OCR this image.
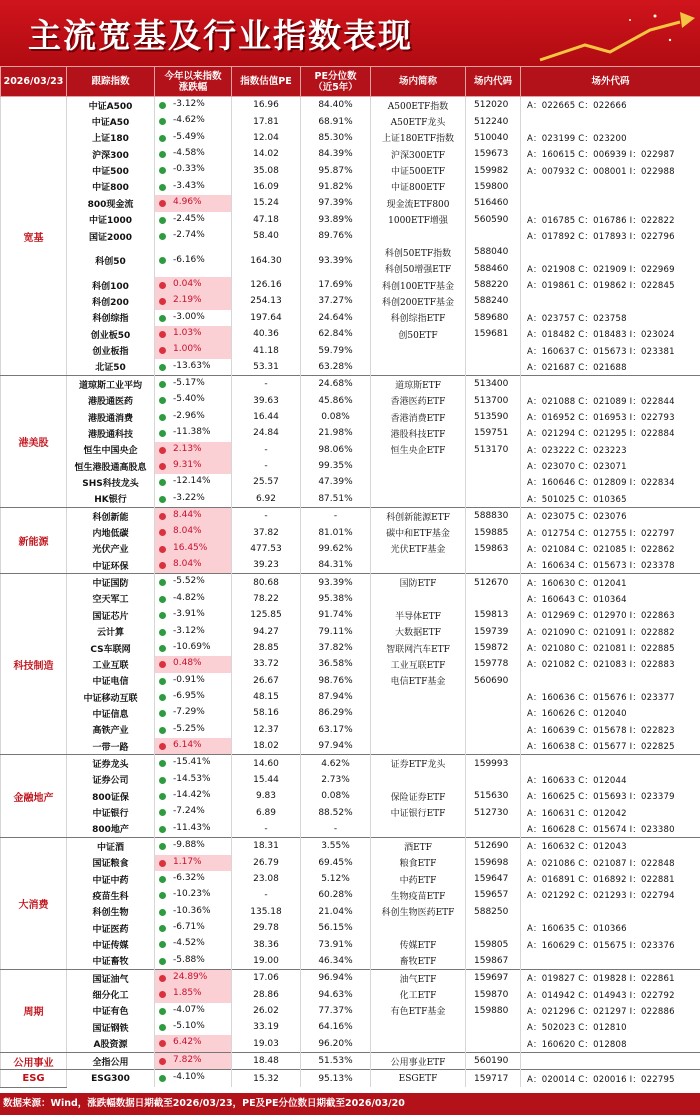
主流宽基及行业指数表现
2026/03/23	跟踪指数	今年以来指数涨跌幅	指数估值PE	PE分位数（近5年）	场内简称	场内代码	场外代码
宽基	中证A500	-3.12%	16.96	84.40%	A500ETF指数	512020	A：022665 C：022666
	中证A50	-4.62%	17.81	68.91%	A50ETF龙头	512240	
	上证180	-5.49%	12.04	85.30%	上证180ETF指数	510040	A：023199 C：023200
	沪深300	-4.58%	14.02	84.39%	沪深300ETF	159673	A：160615 C：006939 I：022987
	中证500	-0.33%	35.08	95.87%	中证500ETF	159982	A：007932 C：008001 I：022988
	中证800	-3.43%	16.09	91.82%	中证800ETF	159800	
	800现金流	4.96%	15.24	97.39%	现金流ETF800	516460	
	中证1000	-2.45%	47.18	93.89%	1000ETF增强	560590	A：016785 C：016786 I：022822
	国证2000	-2.74%	58.40	89.76%			A：017892 C：017893 I：022796
	科创50	-6.16%	164.30	93.39%	科创50ETF指数	588040	
					科创50增强ETF	588460	A：021908 C：021909 I：022969
	科创100	0.04%	126.16	17.69%	科创100ETF基金	588220	A：019861 C：019862 I：022845
	科创200	2.19%	254.13	37.27%	科创200ETF基金	588240	
	科创综指	-3.00%	197.64	24.64%	科创综指ETF	589680	A：023757 C：023758
	创业板50	1.03%	40.36	62.84%	创50ETF	159681	A：018482 C：018483 I：023024
	创业板指	1.00%	41.18	59.79%			A：160637 C：015673 I：023381
	北证50	-13.63%	53.31	63.28%			A：021687 C：021688
港美股	道琼斯工业平均	-5.17%	-	24.68%	道琼斯ETF	513400	
	港股通医药	-5.40%	39.63	45.86%	香港医药ETF	513700	A：021088 C：021089 I：022844
	港股通消费	-2.96%	16.44	0.08%	香港消费ETF	513590	A：016952 C：016953 I：022793
	港股通科技	-11.38%	24.84	21.98%	港股科技ETF	159751	A：021294 C：021295 I：022884
	恒生中国央企	2.13%	-	98.06%	恒生央企ETF	513170	A：023222 C：023223
	恒生港股通高股息	9.31%	-	99.35%			A：023070 C：023071
	SHS科技龙头	-12.14%	25.57	47.39%			A：160646 C：012809 I：022834
	HK银行	-3.22%	6.92	87.51%			A：501025 C：010365
新能源	科创新能	8.44%	-	-	科创新能源ETF	588830	A：023075 C：023076
	内地低碳	8.04%	37.82	81.01%	碳中和ETF基金	159885	A：012754 C：012755 I：022797
	光伏产业	16.45%	477.53	99.62%	光伏ETF基金	159863	A：021084 C：021085 I：022862
	中证环保	8.04%	39.23	84.31%			A：160634 C：015673 I：023378
科技制造	中证国防	-5.52%	80.68	93.39%	国防ETF	512670	A：160630 C：012041
	空天军工	-4.82%	78.22	95.38%			A：160643 C：010364
	国证芯片	-3.91%	125.85	91.74%	半导体ETF	159813	A：012969 C：012970 I：022863
	云计算	-3.12%	94.27	79.11%	大数据ETF	159739	A：021090 C：021091 I：022882
	CS车联网	-10.69%	28.85	37.82%	智联网汽车ETF	159872	A：021080 C：021081 I：022885
	工业互联	0.48%	33.72	36.58%	工业互联ETF	159778	A：021082 C：021083 I：022883
	中证电信	-0.91%	26.67	98.76%	电信ETF基金	560690	
	中证移动互联	-6.95%	48.15	87.94%			A：160636 C：015676 I：023377
	中证信息	-7.29%	58.16	86.29%			A：160626 C：012040
	高铁产业	-5.25%	12.37	63.17%			A：160639 C：015678 I：022823
	一带一路	6.14%	18.02	97.94%			A：160638 C：015677 I：022825
金融地产	证券龙头	-15.41%	14.60	4.62%	证券ETF龙头	159993	
	证券公司	-14.53%	15.44	2.73%			A：160633 C：012044
	800证保	-14.42%	9.83	0.08%	保险证券ETF	515630	A：160625 C：015693 I：023379
	中证银行	-7.24%	6.89	88.52%	中证银行ETF	512730	A：160631 C：012042
	800地产	-11.43%	-	-			A：160628 C：015674 I：023380
大消费	中证酒	-9.88%	18.31	3.55%	酒ETF	512690	A：160632 C：012043
	国证粮食	1.17%	26.79	69.45%	粮食ETF	159698	A：021086 C：021087 I：022848
	中证中药	-6.32%	23.08	5.12%	中药ETF	159647	A：016891 C：016892 I：022881
	疫苗生科	-10.23%	-	60.28%	生物疫苗ETF	159657	A：021292 C：021293 I：022794
	科创生物	-10.36%	135.18	21.04%	科创生物医药ETF	588250	
	中证医药	-6.71%	29.78	56.15%			A：160635 C：010366
	中证传媒	-4.52%	38.36	73.91%	传媒ETF	159805	A：160629 C：015675 I：023376
	中证畜牧	-5.88%	19.00	46.34%	畜牧ETF	159867	
周期	国证油气	24.89%	17.06	96.94%	油气ETF	159697	A：019827 C：019828 I：022861
	细分化工	1.85%	28.86	94.63%	化工ETF	159870	A：014942 C：014943 I：022792
	中证有色	-4.07%	26.02	77.37%	有色ETF基金	159880	A：021296 C：021297 I：022886
	国证钢铁	-5.10%	33.19	64.16%			A：502023 C：012810
	A股资源	6.42%	19.03	96.20%			A：160620 C：012808
公用事业	全指公用	7.82%	18.48	51.53%	公用事业ETF	560190	
ESG	ESG300	-4.10%	15.32	95.13%	ESGETF	159717	A：020014 C：020016 I：022795
数据来源：Wind，涨跌幅数据日期截至2026/03/23，PE及PE分位数日期截至2026/03/20
